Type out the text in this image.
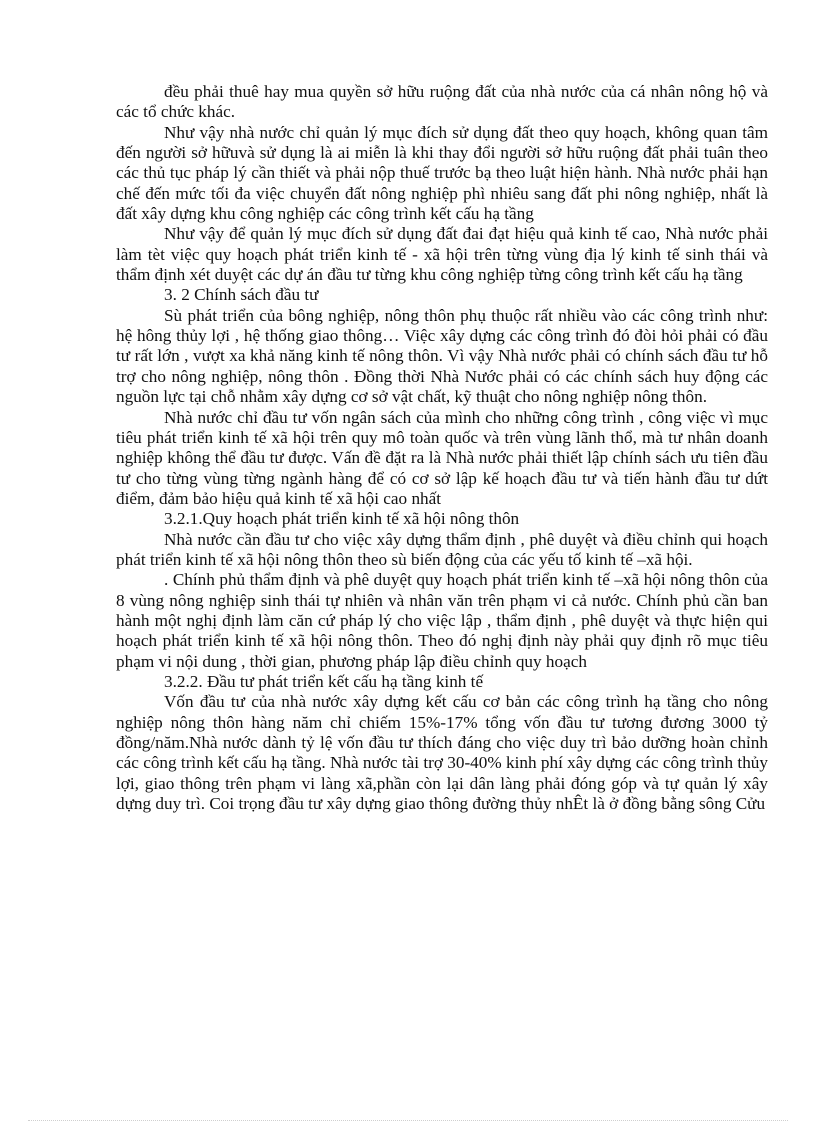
đều phải thuê hay mua quyền sở hữu ruộng đất của nhà nước của cá nhân nông hộ và các tổ chức khác.

Như vậy nhà nước chỉ quản lý mục đích sử dụng đất theo quy hoạch, không quan tâm đến người sở hữuvà sử dụng là ai miễn là khi thay đổi người sở hữu ruộng đất phải tuân theo các thủ tục pháp lý cần thiết và phải nộp thuế trước bạ theo luật hiện hành. Nhà nước phải hạn chế đến mức tối đa việc chuyển đất nông nghiệp phì nhiêu sang đất phi nông nghiệp, nhất là đất xây dựng khu công nghiệp các công trình kết cấu hạ tầng

Như vậy để quản lý mục đích sử dụng đất đai đạt hiệu quả kinh tế cao, Nhà nước phải làm tèt việc quy hoạch phát triển kinh tế - xã hội trên từng vùng địa lý kinh tế sinh thái và thẩm định xét duyệt các dự án đầu tư từng khu công nghiệp từng công trình kết cấu hạ tầng

3. 2 Chính sách đầu tư

Sù phát triển của bông nghiệp, nông thôn phụ thuộc rất nhiều vào các công trình như: hệ hông thủy lợi , hệ thống giao thông… Việc xây dựng các công trình đó đòi hỏi phải có đầu tư rất lớn , vượt xa khả năng kinh tế nông thôn. Vì vậy Nhà nước phải có chính sách đầu tư hỗ trợ cho nông nghiệp, nông thôn . Đồng thời Nhà Nước phải có các chính sách huy động các nguồn lực tại chỗ nhằm xây dựng cơ sở vật chất, kỹ thuật cho nông nghiệp nông thôn.

Nhà nước chỉ đầu tư vốn ngân sách của mình cho những công trình , công việc vì mục tiêu phát triển kinh tế xã hội trên quy mô toàn quốc và trên vùng lãnh thổ, mà tư nhân doanh nghiệp không thể đầu tư được. Vấn đề đặt ra là Nhà nước phải thiết lập chính sách ưu tiên đầu tư cho từng vùng từng ngành hàng để có cơ sở lập kế hoạch đầu tư và tiến hành đầu tư dứt điểm, đảm bảo hiệu quả kinh tế xã hội cao nhất

3.2.1.Quy hoạch phát triển kinh tế xã hội nông thôn

Nhà nước cần đầu tư cho việc xây dựng thẩm định , phê duyệt và điều chỉnh qui hoạch phát triển kinh tế xã hội nông thôn theo sù biến động của các yếu tố kinh tế –xã hội.

. Chính phủ thẩm định và phê duyệt quy hoạch phát triển kinh tế –xã hội nông thôn của 8 vùng nông nghiệp sinh thái tự nhiên và nhân văn trên phạm vi cả nước. Chính phủ cần ban hành một nghị định làm căn cứ pháp lý cho việc lập , thẩm định , phê duyệt và thực hiện qui hoạch phát triển kinh tế xã hội nông thôn. Theo đó nghị định này phải quy định rõ mục tiêu phạm vi nội dung , thời gian, phương pháp lập điều chỉnh quy hoạch

3.2.2. Đầu tư phát triển kết cấu hạ tầng kinh tế

Vốn đầu tư của nhà nước xây dựng kết cấu cơ bản các công trình hạ tầng cho nông nghiệp nông thôn hàng năm chỉ chiếm 15%-17% tổng vốn đầu tư tương đương 3000 tỷ đồng/năm.Nhà nước dành tỷ lệ vốn đầu tư thích đáng cho việc duy trì bảo dưỡng hoàn chỉnh các công trình kết cấu hạ tầng. Nhà nước tài trợ 30-40% kinh phí xây dựng các công trình thủy lợi, giao thông trên phạm vi làng xã,phần còn lại dân làng phải đóng góp và tự quản lý xây dựng duy trì. Coi trọng đầu tư xây dựng giao thông đường thủy nhÊt là ở đồng bằng sông Cửu
